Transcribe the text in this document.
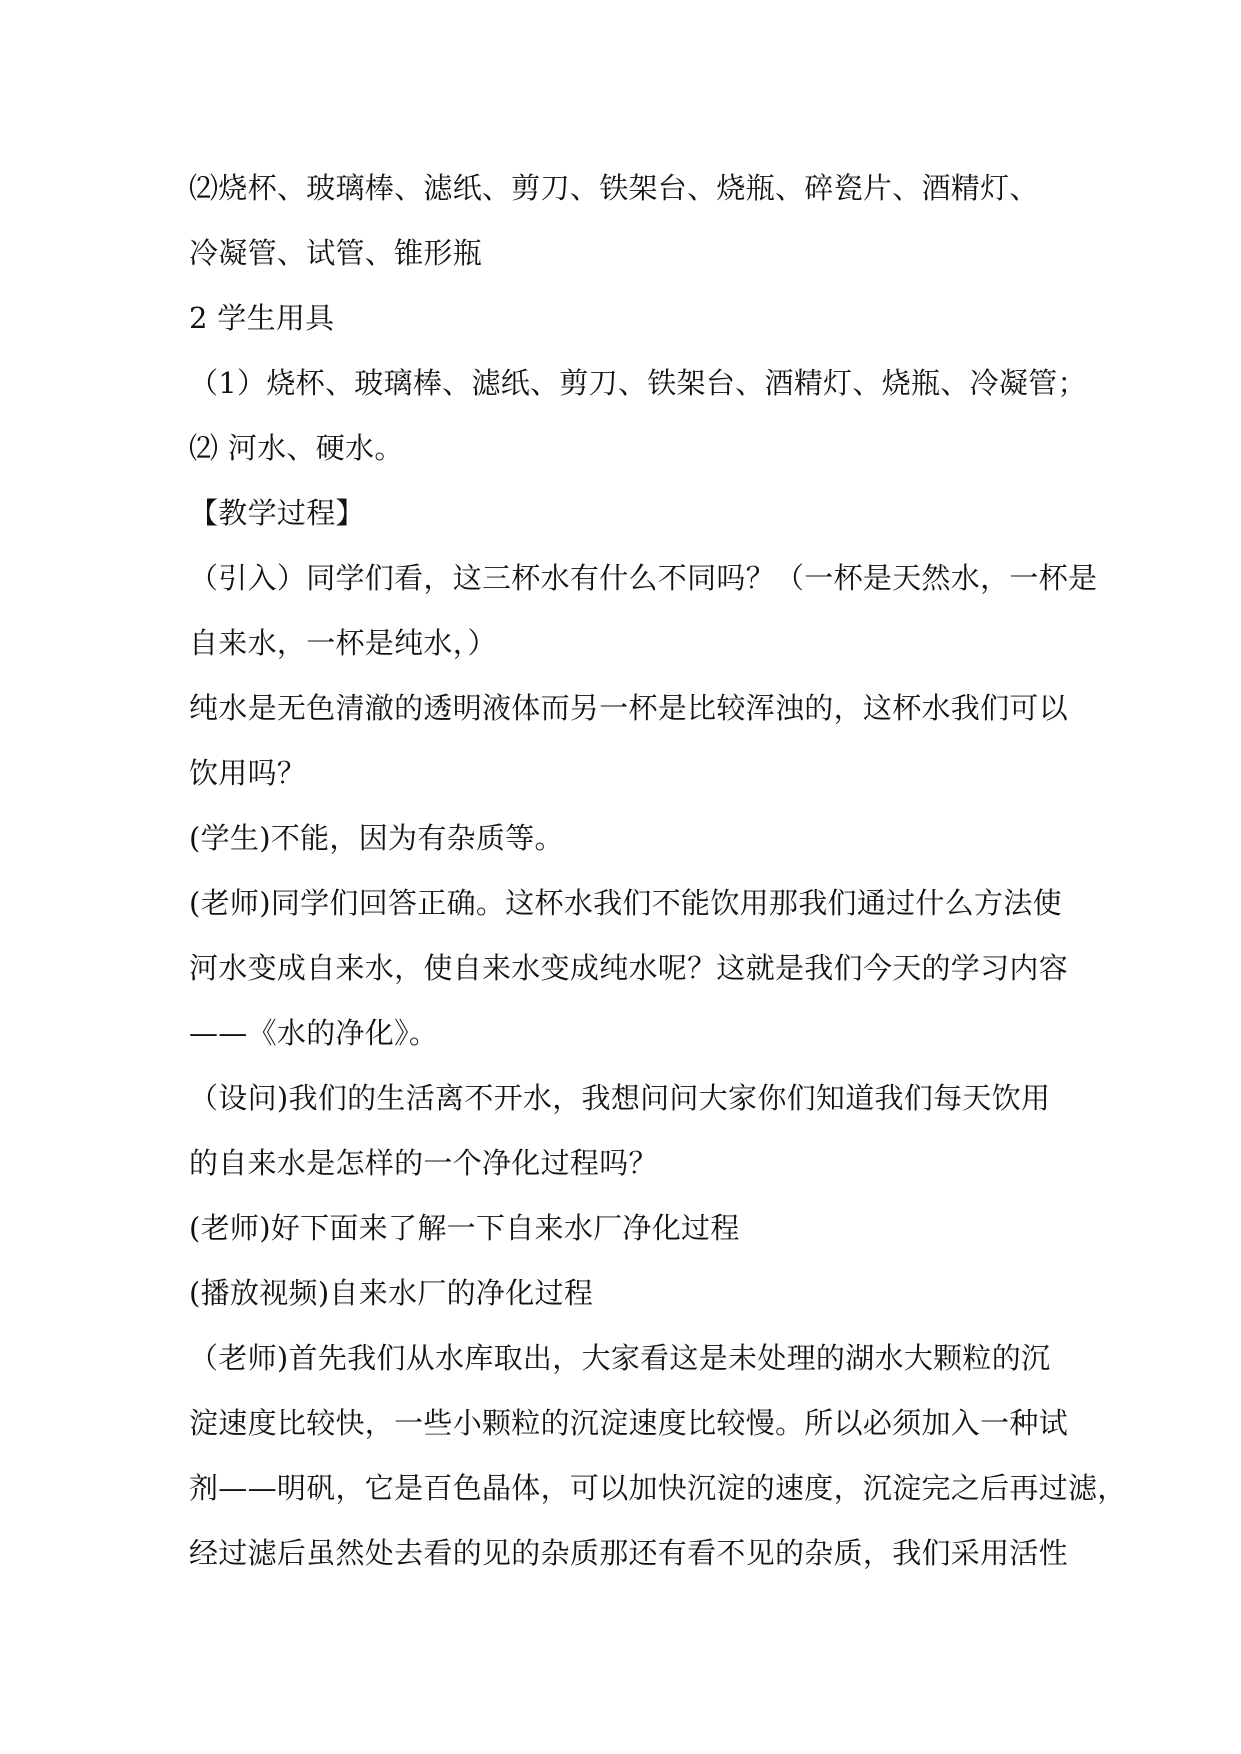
⑵烧杯、玻璃棒、滤纸、剪刀、铁架台、烧瓶、碎瓷片、酒精灯、
冷凝管、试管、锥形瓶
2 学生用具
（1）烧杯、玻璃棒、滤纸、剪刀、铁架台、酒精灯、烧瓶、冷凝管；
⑵ 河水、硬水。
【教学过程】
（引入）同学们看，这三杯水有什么不同吗？（一杯是天然水，一杯是
自来水，一杯是纯水，）
纯水是无色清澈的透明液体而另一杯是比较浑浊的，这杯水我们可以
饮用吗？
(学生)不能，因为有杂质等。
(老师)同学们回答正确。这杯水我们不能饮用那我们通过什么方法使
河水变成自来水，使自来水变成纯水呢？这就是我们今天的学习内容
——《水的净化》。
（设问)我们的生活离不开水，我想问问大家你们知道我们每天饮用
的自来水是怎样的一个净化过程吗？
(老师)好下面来了解一下自来水厂净化过程
(播放视频)自来水厂的净化过程
（老师)首先我们从水库取出，大家看这是未处理的湖水大颗粒的沉
淀速度比较快，一些小颗粒的沉淀速度比较慢。所以必须加入一种试
剂——明矾，它是百色晶体，可以加快沉淀的速度，沉淀完之后再过滤，
经过滤后虽然处去看的见的杂质那还有看不见的杂质，我们采用活性
